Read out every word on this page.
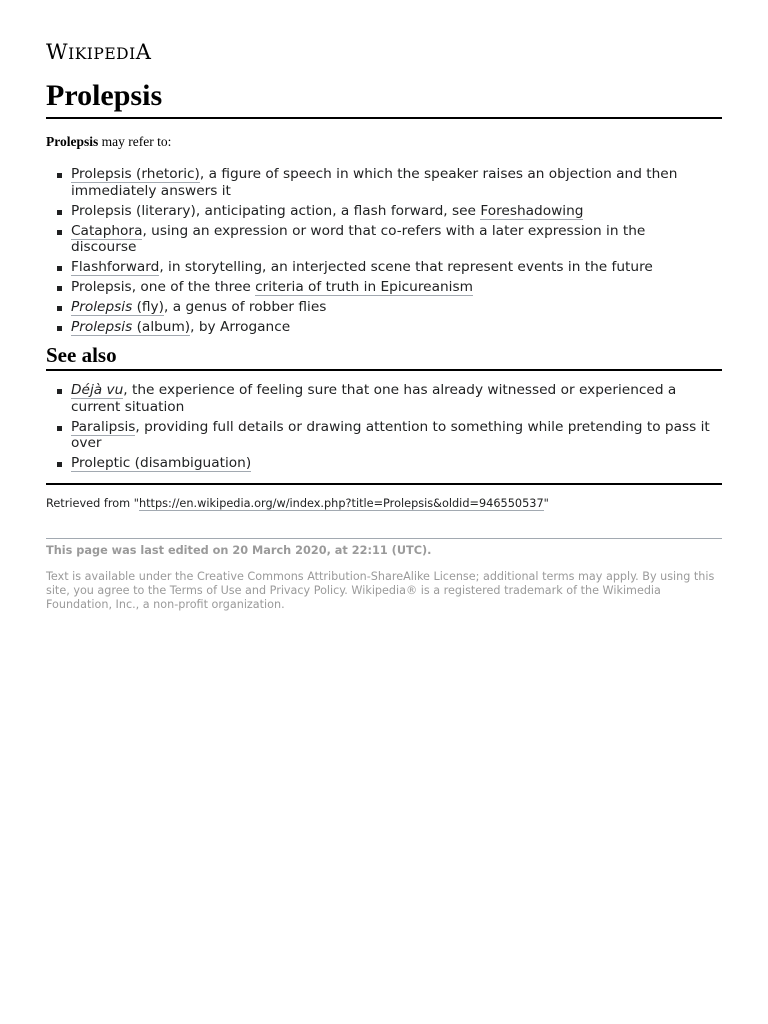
WIKIPEDIA
Prolepsis
Prolepsis may refer to:
Prolepsis (rhetoric), a figure of speech in which the speaker raises an objection and then immediately answers it
Prolepsis (literary), anticipating action, a flash forward, see Foreshadowing
Cataphora, using an expression or word that co-refers with a later expression in the discourse
Flashforward, in storytelling, an interjected scene that represent events in the future
Prolepsis, one of the three criteria of truth in Epicureanism
Prolepsis (fly), a genus of robber flies
Prolepsis (album), by Arrogance
See also
Déjà vu, the experience of feeling sure that one has already witnessed or experienced a current situation
Paralipsis, providing full details or drawing attention to something while pretending to pass it over
Proleptic (disambiguation)
Retrieved from "https://en.wikipedia.org/w/index.php?title=Prolepsis&oldid=946550537"
This page was last edited on 20 March 2020, at 22:11 (UTC).
Text is available under the Creative Commons Attribution-ShareAlike License; additional terms may apply. By using this site, you agree to the Terms of Use and Privacy Policy. Wikipedia® is a registered trademark of the Wikimedia Foundation, Inc., a non-profit organization.
